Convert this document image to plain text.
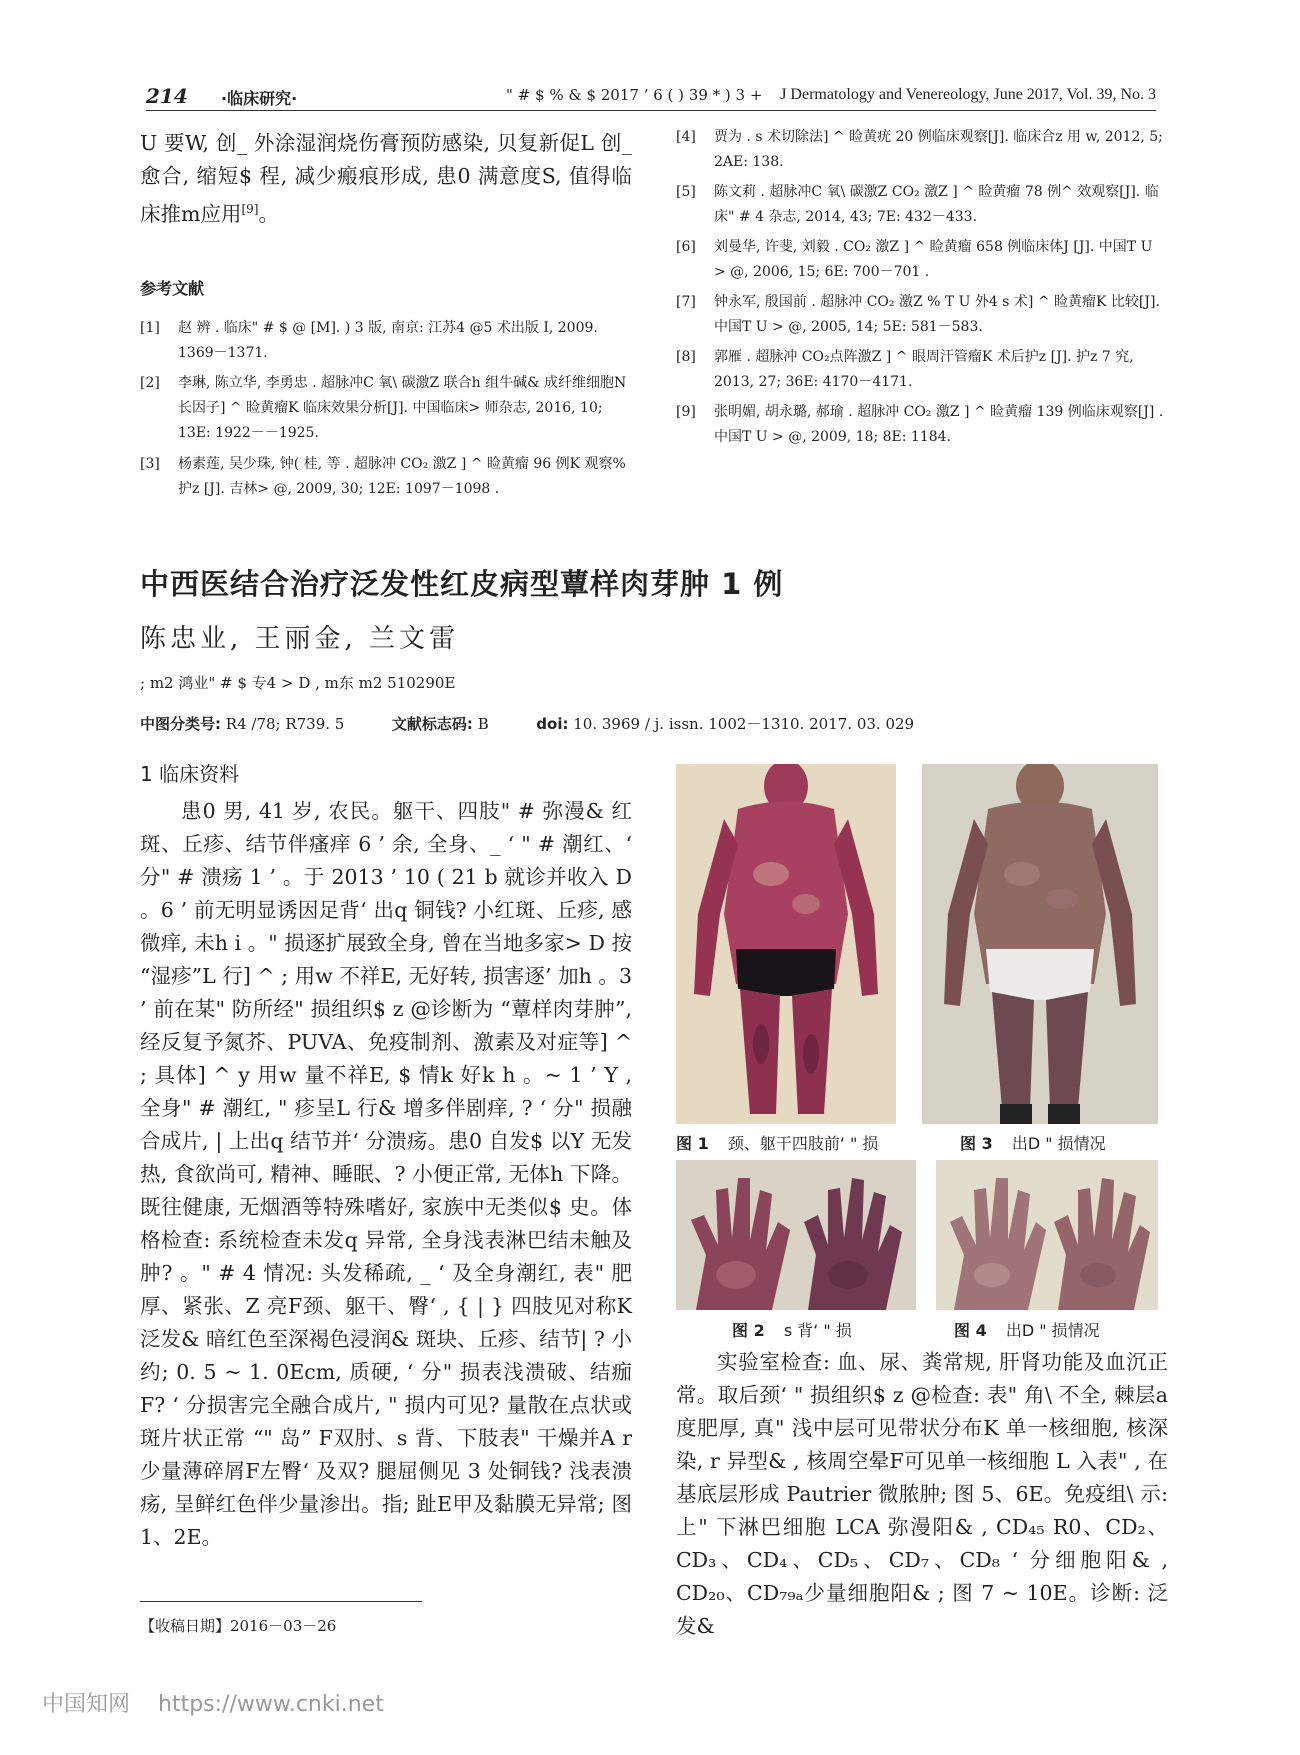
214 ·临床研究·	" # $ % & $ 2017 ’ 6 ( ) 39 * ) 3 + J Dermatology and Venereology, June 2017, Vol. 39, No. 3

U 要W, 创_ 外涂湿润烧伤膏预防感染, 贝复新促L 创_ 愈合, 缩短$ 程, 减少瘢痕形成, 患0 满意度S, 值得临床推m应用[9]。

参考文献
[1] 赵 辨 . 临床" # $ @ [M]. ) 3 版, 南京: 江苏4 @5 术出版 I, 2009. 1369－1371.
[2] 李琳, 陈立华, 李勇忠 . 超脉冲C 氧\ 碳激Z 联合h 组牛碱& 成纤维细胞N长因子] ^ 睑黄瘤K 临床效果分析[J]. 中国临床> 师杂志, 2016, 10; 13E: 1922－－1925.
[3] 杨素莲, 吴少珠, 钟( 桂, 等 . 超脉冲 CO₂ 激Z ] ^ 睑黄瘤 96 例K 观察%护z [J]. 吉林> @, 2009, 30; 12E: 1097－1098 .
[4] 贾为 . s 术切除法] ^ 睑黄疣 20 例临床观察[J]. 临床合z 用 w, 2012, 5; 2AE: 138.
[5] 陈文莉 . 超脉冲C 氧\ 碳激Z CO₂ 激Z ] ^ 睑黄瘤 78 例^ 效观察[J]. 临床" # 4 杂志, 2014, 43; 7E: 432－433.
[6] 刘曼华, 许斐, 刘毅 . CO₂ 激Z ] ^ 睑黄瘤 658 例临床体J [J]. 中国T U > @, 2006, 15; 6E: 700－701 .
[7] 钟永军, 殷国前 . 超脉冲 CO₂ 激Z % T U 外4 s 术] ^ 睑黄瘤K 比较[J]. 中国T U > @, 2005, 14; 5E: 581－583.
[8] 郭雁 . 超脉冲 CO₂点阵激Z ] ^ 眼周汗管瘤K 术后护z [J]. 护z 7 究, 2013, 27; 36E: 4170－4171.
[9] 张明媚, 胡永璐, 郝瑜 . 超脉冲 CO₂ 激Z ] ^ 睑黄瘤 139 例临床观察[J] . 中国T U > @, 2009, 18; 8E: 1184.
中西医结合治疗泛发性红皮病型蕈样肉芽肿 1 例
陈忠业, 王丽金, 兰文雷
; m2 鸿业" # $ 专4 > D , m东 m2 510290E
中图分类号: R4 /78; R739. 5	文献标志码: B	doi: 10. 3969 / j. issn. 1002－1310. 2017. 03. 029
1 临床资料

患0 男, 41 岁, 农民。躯干、四肢" # 弥漫& 红斑、丘疹、结节伴瘙痒 6 ’ 余, 全身、_ ‘ " # 潮红、‘ 分" # 溃疡 1 ’ 。于 2013 ’ 10 ( 21 b 就诊并收入 D 。6 ’ 前无明显诱因足背‘ 出q 铜钱? 小红斑、丘疹, 感微痒, 未h i 。" 损逐扩展致全身, 曾在当地多家> D 按 “湿疹”L 行] ^ ; 用w 不祥E, 无好转, 损害逐’ 加h 。3 ’ 前在某" 防所经" 损组织$ z @诊断为 “蕈样肉芽肿”, 经反复予氮芥、PUVA、免疫制剂、激素及对症等] ^ ; 具体] ^ y 用w 量不祥E, $ 情k 好k h 。~ 1 ’ Y , 全身" # 潮红, " 疹呈L 行& 增多伴剧痒, ? ‘ 分" 损融合成片, | 上出q 结节并‘ 分溃疡。患0 自发$ 以Y 无发热, 食欲尚可, 精神、睡眠、? 小便正常, 无体h 下降。既往健康, 无烟酒等特殊嗜好, 家族中无类似$ 史。体格检查: 系统检查未发q 异常, 全身浅表淋巴结未触及肿? 。" # 4 情况: 头发稀疏, _ ‘ 及全身潮红, 表" 肥厚、紧张、Z 亮F颈、躯干、臀‘ , { | } 四肢见对称K 泛发& 暗红色至深褐色浸润& 斑块、丘疹、结节| ? 小约; 0. 5 ~ 1. 0Ecm, 质硬, ‘ 分" 损表浅溃破、结痂F? ‘ 分损害完全融合成片, " 损内可见? 量散在点状或斑片状正常 “" 岛” F双肘、s 背、下肢表" 干燥并A r 少量薄碎屑F左臀‘ 及双? 腿屈侧见 3 处铜钱? 浅表溃疡, 呈鲜红色伴少量渗出。指; 趾E甲及黏膜无异常; 图 1、2E。

图 1 颈、躯干四肢前‘ " 损	图 3 出D " 损情况
图 2 s 背‘ " 损	图 4 出D " 损情况

实验室检查: 血、尿、粪常规, 肝肾功能及血沉正常。取后颈‘ " 损组织$ z @检查: 表" 角\ 不全, 棘层a 度肥厚, 真" 浅中层可见带状分布K 单一核细胞, 核深染, r 异型& , 核周空晕F可见单一核细胞 L 入表" , 在基底层形成 Pautrier 微脓肿; 图 5、6E。免疫组\ 示: 上" 下淋巴细胞 LCA 弥漫阳& , CD₄₅ R0、CD₂、CD₃、CD₄、CD₅、CD₇、CD₈ ‘ 分细胞阳& , CD₂₀、CD₇₉ₐ少量细胞阳& ; 图 7 ~ 10E。诊断: 泛发&

【收稿日期】2016－03－26
中国知网 https://www.cnki.net
